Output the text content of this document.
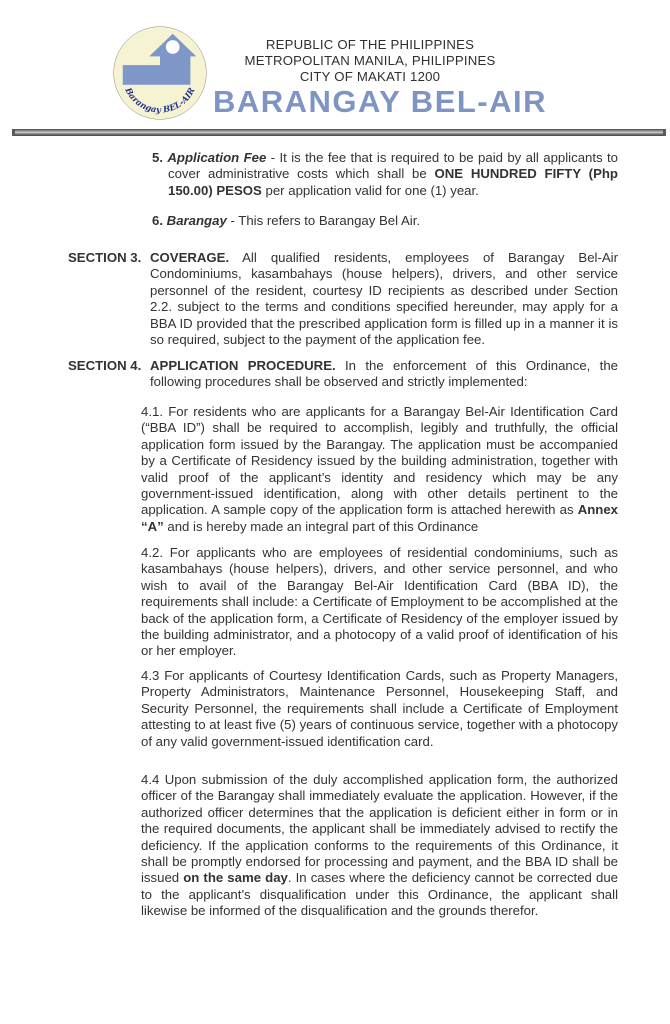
REPUBLIC OF THE PHILIPPINES
METROPOLITAN MANILA, PHILIPPINES
CITY OF MAKATI 1200
BARANGAY BEL-AIR
Barangay BEL-AIR
5. Application Fee - It is the fee that is required to be paid by all applicants to cover administrative costs which shall be ONE HUNDRED FIFTY (Php 150.00) PESOS per application valid for one (1) year.
6. Barangay - This refers to Barangay Bel Air.
SECTION 3. COVERAGE. All qualified residents, employees of Barangay Bel-Air Condominiums, kasambahays (house helpers), drivers, and other service personnel of the resident, courtesy ID recipients as described under Section 2.2. subject to the terms and conditions specified hereunder, may apply for a BBA ID provided that the prescribed application form is filled up in a manner it is so required, subject to the payment of the application fee.
SECTION 4. APPLICATION PROCEDURE. In the enforcement of this Ordinance, the following procedures shall be observed and strictly implemented:
4.1. For residents who are applicants for a Barangay Bel-Air Identification Card (“BBA ID”) shall be required to accomplish, legibly and truthfully, the official application form issued by the Barangay. The application must be accompanied by a Certificate of Residency issued by the building administration, together with valid proof of the applicant’s identity and residency which may be any government-issued identification, along with other details pertinent to the application. A sample copy of the application form is attached herewith as Annex “A” and is hereby made an integral part of this Ordinance
4.2. For applicants who are employees of residential condominiums, such as kasambahays (house helpers), drivers, and other service personnel, and who wish to avail of the Barangay Bel-Air Identification Card (BBA ID), the requirements shall include: a Certificate of Employment to be accomplished at the back of the application form, a Certificate of Residency of the employer issued by the building administrator, and a photocopy of a valid proof of identification of his or her employer.
4.3 For applicants of Courtesy Identification Cards, such as Property Managers, Property Administrators, Maintenance Personnel, Housekeeping Staff, and Security Personnel, the requirements shall include a Certificate of Employment attesting to at least five (5) years of continuous service, together with a photocopy of any valid government-issued identification card.
4.4 Upon submission of the duly accomplished application form, the authorized officer of the Barangay shall immediately evaluate the application. However, if the authorized officer determines that the application is deficient either in form or in the required documents, the applicant shall be immediately advised to rectify the deficiency. If the application conforms to the requirements of this Ordinance, it shall be promptly endorsed for processing and payment, and the BBA ID shall be issued on the same day. In cases where the deficiency cannot be corrected due to the applicant’s disqualification under this Ordinance, the applicant shall likewise be informed of the disqualification and the grounds therefor.
